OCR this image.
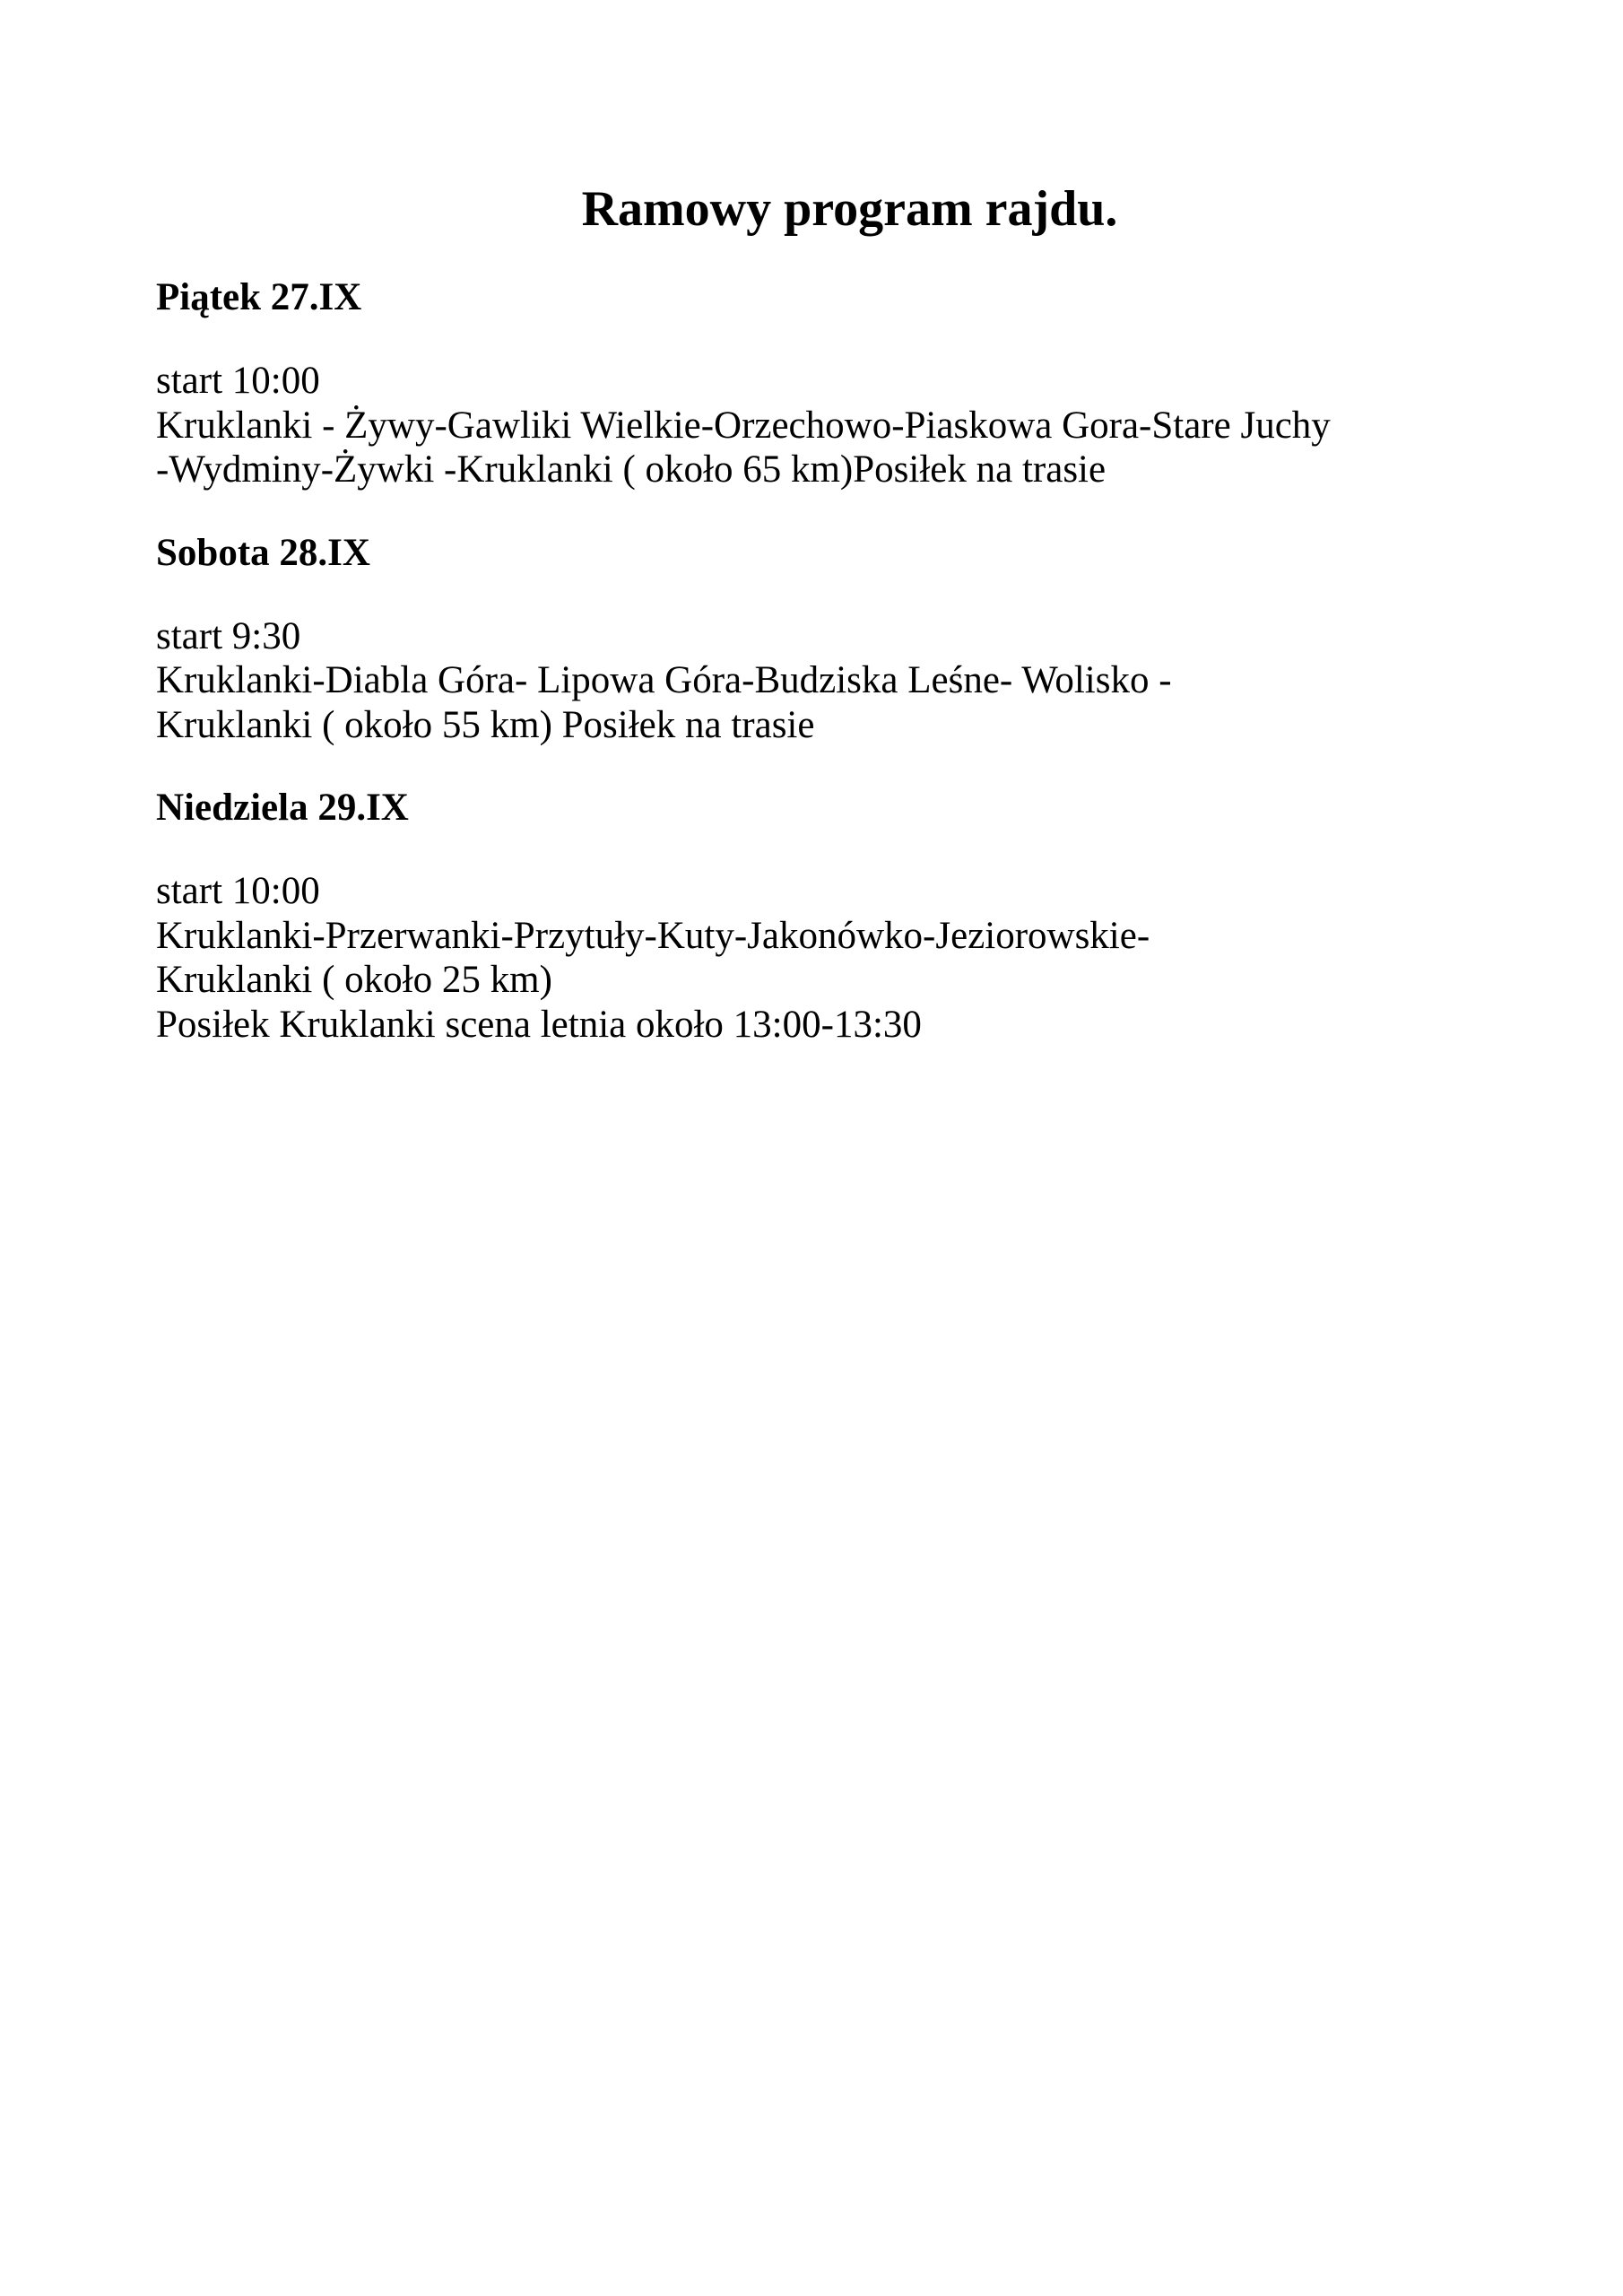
Ramowy program rajdu.
Piątek 27.IX
start 10:00
Kruklanki - Żywy-Gawliki Wielkie-Orzechowo-Piaskowa Gora-Stare Juchy
-Wydminy-Żywki -Kruklanki ( około 65 km)Posiłek na trasie
Sobota 28.IX
start 9:30
Kruklanki-Diabla Góra- Lipowa Góra-Budziska Leśne- Wolisko -
Kruklanki ( około 55 km) Posiłek na trasie
Niedziela 29.IX
start 10:00
Kruklanki-Przerwanki-Przytuły-Kuty-Jakonówko-Jeziorowskie-
Kruklanki ( około 25 km)
Posiłek Kruklanki scena letnia około 13:00-13:30
